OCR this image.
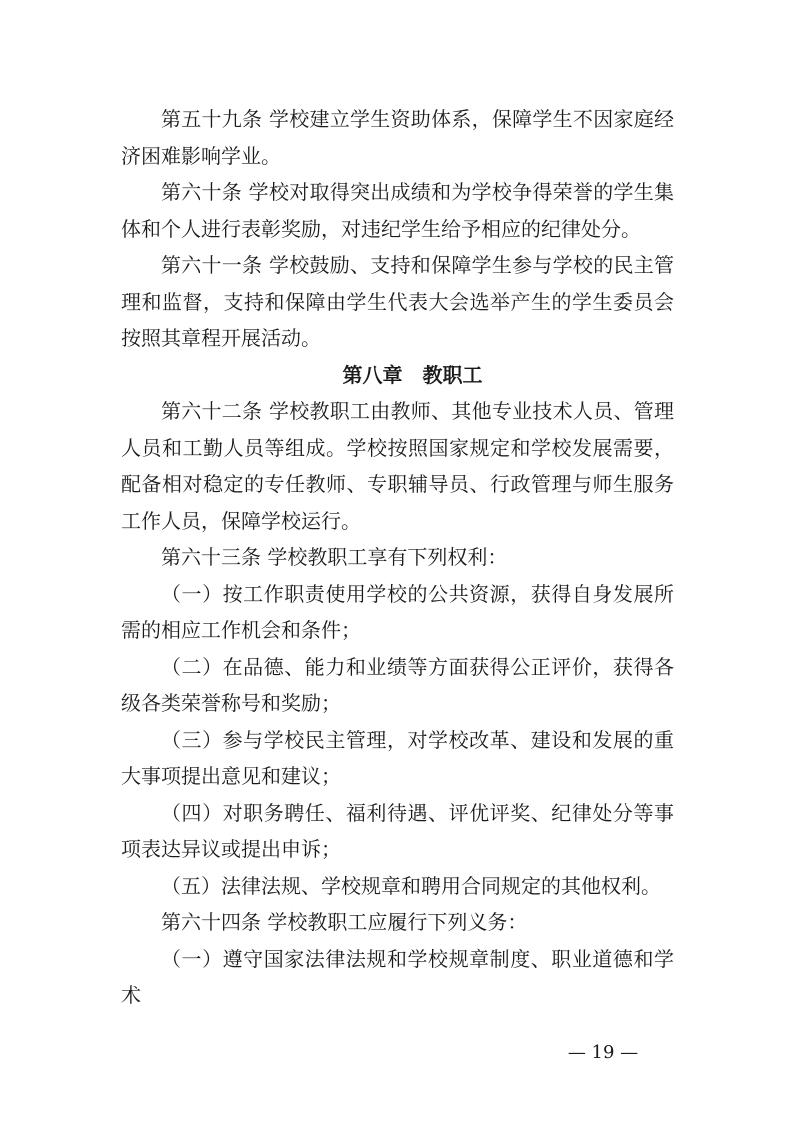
第五十九条 学校建立学生资助体系，保障学生不因家庭经济困难影响学业。

第六十条 学校对取得突出成绩和为学校争得荣誉的学生集体和个人进行表彰奖励，对违纪学生给予相应的纪律处分。

第六十一条 学校鼓励、支持和保障学生参与学校的民主管理和监督，支持和保障由学生代表大会选举产生的学生委员会按照其章程开展活动。

第八章　教职工

第六十二条 学校教职工由教师、其他专业技术人员、管理人员和工勤人员等组成。学校按照国家规定和学校发展需要，配备相对稳定的专任教师、专职辅导员、行政管理与师生服务工作人员，保障学校运行。

第六十三条 学校教职工享有下列权利：

（一）按工作职责使用学校的公共资源，获得自身发展所需的相应工作机会和条件；

（二）在品德、能力和业绩等方面获得公正评价，获得各级各类荣誉称号和奖励；

（三）参与学校民主管理，对学校改革、建设和发展的重大事项提出意见和建议；

（四）对职务聘任、福利待遇、评优评奖、纪律处分等事项表达异议或提出申诉；

（五）法律法规、学校规章和聘用合同规定的其他权利。

第六十四条 学校教职工应履行下列义务：

（一）遵守国家法律法规和学校规章制度、职业道德和学术

— 19 —
